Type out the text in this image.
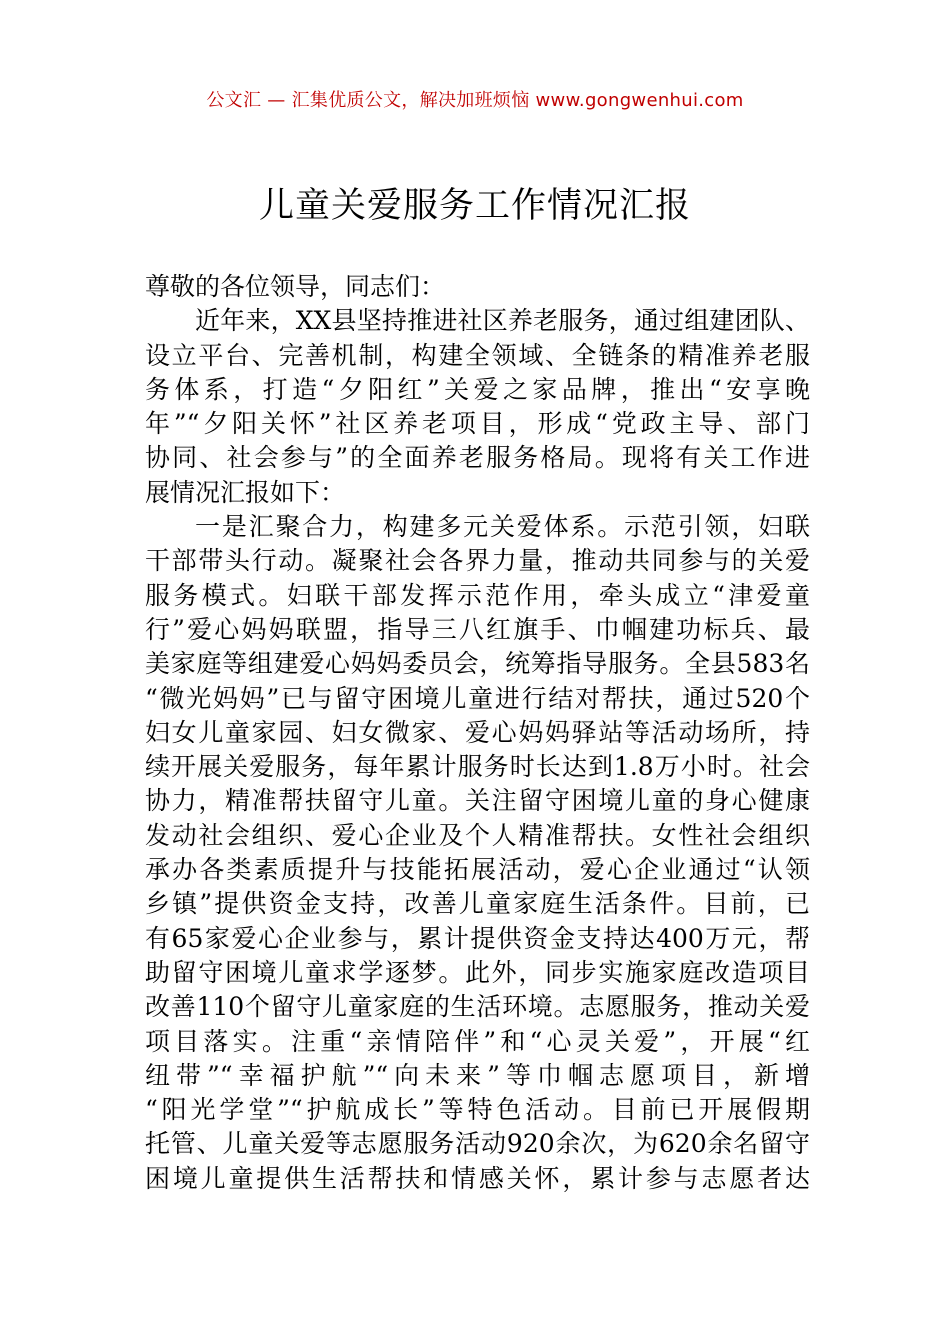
公文汇 — 汇集优质公文，解决加班烦恼 www.gongwenhui.com
儿童关爱服务工作情况汇报
尊敬的各位领导，同志们：
近年来，XX县坚持推进社区养老服务，通过组建团队、
设立平台、完善机制，构建全领域、全链条的精准养老服
务体系，打造“夕阳红”关爱之家品牌，推出“安享晚
年”“夕阳关怀”社区养老项目，形成“党政主导、部门
协同、社会参与”的全面养老服务格局。现将有关工作进
展情况汇报如下：
一是汇聚合力，构建多元关爱体系。示范引领，妇联
干部带头行动。凝聚社会各界力量，推动共同参与的关爱
服务模式。妇联干部发挥示范作用，牵头成立“津爱童
行”爱心妈妈联盟，指导三八红旗手、巾帼建功标兵、最
美家庭等组建爱心妈妈委员会，统筹指导服务。全县583名
“微光妈妈”已与留守困境儿童进行结对帮扶，通过520个
妇女儿童家园、妇女微家、爱心妈妈驿站等活动场所，持
续开展关爱服务，每年累计服务时长达到1.8万小时。社会
协力，精准帮扶留守儿童。关注留守困境儿童的身心健康
发动社会组织、爱心企业及个人精准帮扶。女性社会组织
承办各类素质提升与技能拓展活动，爱心企业通过“认领
乡镇”提供资金支持，改善儿童家庭生活条件。目前，已
有65家爱心企业参与，累计提供资金支持达400万元，帮
助留守困境儿童求学逐梦。此外，同步实施家庭改造项目
改善110个留守儿童家庭的生活环境。志愿服务，推动关爱
项目落实。注重“亲情陪伴”和“心灵关爱”，开展“红
纽带”“幸福护航”“向未来”等巾帼志愿项目，新增
“阳光学堂”“护航成长”等特色活动。目前已开展假期
托管、儿童关爱等志愿服务活动920余次，为620余名留守
困境儿童提供生活帮扶和情感关怀，累计参与志愿者达
